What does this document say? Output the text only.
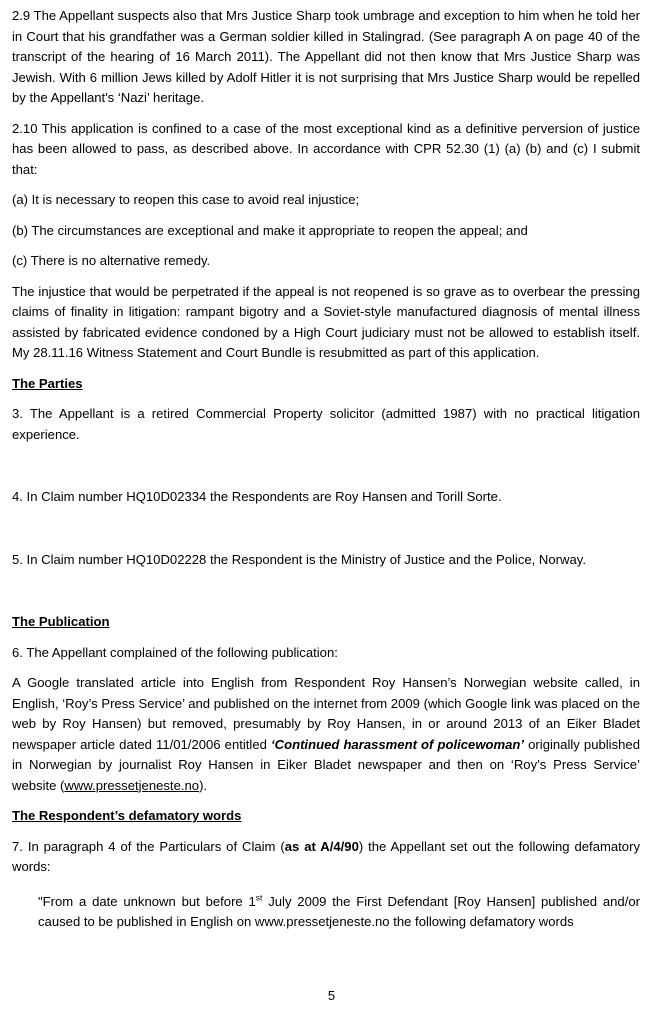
2.9 The Appellant suspects also that Mrs Justice Sharp took umbrage and exception to him when he told her in Court that his grandfather was a German soldier killed in Stalingrad. (See paragraph A on page 40 of the transcript of the hearing of 16 March 2011). The Appellant did not then know that Mrs Justice Sharp was Jewish. With 6 million Jews killed by Adolf Hitler it is not surprising that Mrs Justice Sharp would be repelled by the Appellant's ‘Nazi’ heritage.

2.10 This application is confined to a case of the most exceptional kind as a definitive perversion of justice has been allowed to pass, as described above. In accordance with CPR 52.30 (1) (a) (b) and (c) I submit that:

(a) It is necessary to reopen this case to avoid real injustice;

(b) The circumstances are exceptional and make it appropriate to reopen the appeal; and

(c) There is no alternative remedy.

The injustice that would be perpetrated if the appeal is not reopened is so grave as to overbear the pressing claims of finality in litigation: rampant bigotry and a Soviet-style manufactured diagnosis of mental illness assisted by fabricated evidence condoned by a High Court judiciary must not be allowed to establish itself. My 28.11.16 Witness Statement and Court Bundle is resubmitted as part of this application.

The Parties

3. The Appellant is a retired Commercial Property solicitor (admitted 1987) with no practical litigation experience.

4. In Claim number HQ10D02334 the Respondents are Roy Hansen and Torill Sorte.

5. In Claim number HQ10D02228 the Respondent is the Ministry of Justice and the Police, Norway.

The Publication

6. The Appellant complained of the following publication:

A Google translated article into English from Respondent Roy Hansen’s Norwegian website called, in English, ‘Roy’s Press Service’ and published on the internet from 2009 (which Google link was placed on the web by Roy Hansen) but removed, presumably by Roy Hansen, in or around 2013 of an Eiker Bladet newspaper article dated 11/01/2006 entitled ‘Continued harassment of policewoman’ originally published in Norwegian by journalist Roy Hansen in Eiker Bladet newspaper and then on ‘Roy’s Press Service’ website (www.pressetjeneste.no).

The Respondent’s defamatory words

7. In paragraph 4 of the Particulars of Claim (as at A/4/90) the Appellant set out the following defamatory words:

"From a date unknown but before 1st July 2009 the First Defendant [Roy Hansen] published and/or caused to be published in English on www.pressetjeneste.no the following defamatory words

5
